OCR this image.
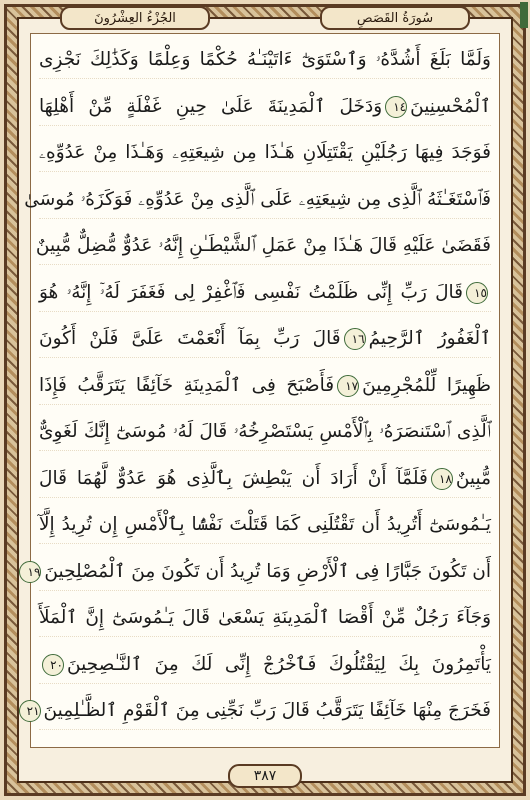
الجُزْءُ العِشْرُونَ	سُورَةُ القَصَصِ
وَلَمَّا بَلَغَ أَشُدَّهُۥ وَٱسْتَوَىٰٓ ءَاتَيْنَـٰهُ حُكْمًا وَعِلْمًا وَكَذَٰلِكَ نَجْزِى
ٱلْمُحْسِنِينَ١٤وَدَخَلَ ٱلْمَدِينَةَ عَلَىٰ حِينِ غَفْلَةٍ مِّنْ أَهْلِهَا
فَوَجَدَ فِيهَا رَجُلَيْنِ يَقْتَتِلَانِ هَـٰذَا مِن شِيعَتِهِۦ وَهَـٰذَا مِنْ عَدُوِّهِۦ
فَٱسْتَغَـٰثَهُ ٱلَّذِى مِن شِيعَتِهِۦ عَلَى ٱلَّذِى مِنْ عَدُوِّهِۦ فَوَكَزَهُۥ مُوسَىٰ
فَقَضَىٰ عَلَيْهِ قَالَ هَـٰذَا مِنْ عَمَلِ ٱلشَّيْطَـٰنِ إِنَّهُۥ عَدُوٌّ مُّضِلٌّ مُّبِينٌ
١٥قَالَ رَبِّ إِنِّى ظَلَمْتُ نَفْسِى فَٱغْفِرْ لِى فَغَفَرَ لَهُۥٓ إِنَّهُۥ هُوَ
ٱلْغَفُورُ ٱلرَّحِيمُ١٦قَالَ رَبِّ بِمَآ أَنْعَمْتَ عَلَىَّ فَلَنْ أَكُونَ
ظَهِيرًا لِّلْمُجْرِمِينَ١٧فَأَصْبَحَ فِى ٱلْمَدِينَةِ خَآئِفًا يَتَرَقَّبُ فَإِذَا
ٱلَّذِى ٱسْتَنصَرَهُۥ بِٱلْأَمْسِ يَسْتَصْرِخُهُۥ قَالَ لَهُۥ مُوسَىٰٓ إِنَّكَ لَغَوِىٌّ
مُّبِينٌ١٨فَلَمَّآ أَنْ أَرَادَ أَن يَبْطِشَ بِٱلَّذِى هُوَ عَدُوٌّ لَّهُمَا قَالَ
يَـٰمُوسَىٰٓ أَتُرِيدُ أَن تَقْتُلَنِى كَمَا قَتَلْتَ نَفْسًۢا بِٱلْأَمْسِ إِن تُرِيدُ إِلَّآ
أَن تَكُونَ جَبَّارًا فِى ٱلْأَرْضِ وَمَا تُرِيدُ أَن تَكُونَ مِنَ ٱلْمُصْلِحِينَ١٩
وَجَآءَ رَجُلٌ مِّنْ أَقْصَا ٱلْمَدِينَةِ يَسْعَىٰ قَالَ يَـٰمُوسَىٰٓ إِنَّ ٱلْمَلَأَ
يَأْتَمِرُونَ بِكَ لِيَقْتُلُوكَ فَٱخْرُجْ إِنِّى لَكَ مِنَ ٱلنَّـٰصِحِينَ٢٠
فَخَرَجَ مِنْهَا خَآئِفًا يَتَرَقَّبُ قَالَ رَبِّ نَجِّنِى مِنَ ٱلْقَوْمِ ٱلظَّـٰلِمِينَ٢١
٣٨٧
